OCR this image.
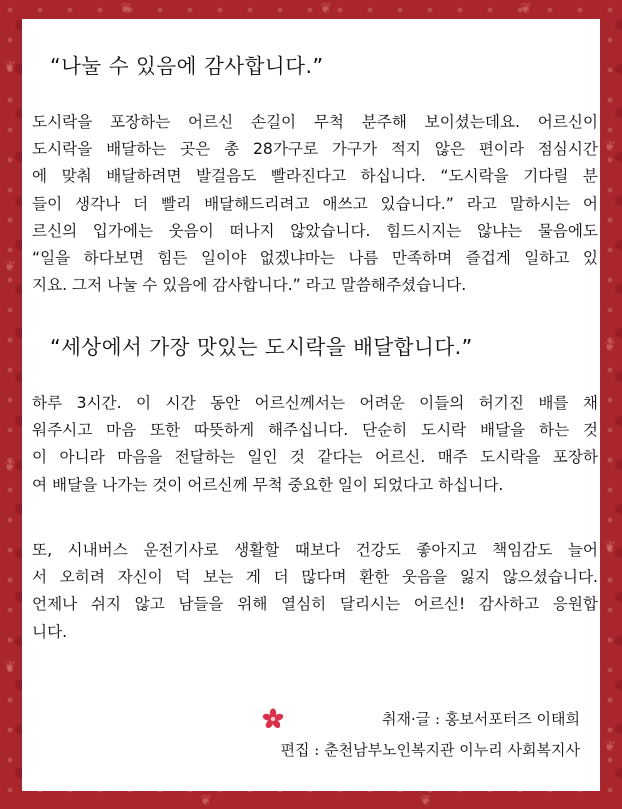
❦
❦
❦
❦
❦
❦
❦
❦
❦	❦	❦
❦	❦
“나눌 수 있음에 감사합니다.”
도시락을 포장하는 어르신 손길이 무척 분주해 보이셨는데요. 어르신이
도시락을 배달하는 곳은 총 28가구로 가구가 적지 않은 편이라 점심시간
에 맞춰 배달하려면 발걸음도 빨라진다고 하십니다. “도시락을 기다릴 분
들이 생각나 더 빨리 배달해드리려고 애쓰고 있습니다.” 라고 말하시는 어
르신의 입가에는 웃음이 떠나지 않았습니다. 힘드시지는 않냐는 물음에도
“일을 하다보면 힘든 일이야 없겠냐마는 나름 만족하며 즐겁게 일하고 있
지요. 그저 나눌 수 있음에 감사합니다.” 라고 말씀해주셨습니다.
“세상에서 가장 맛있는 도시락을 배달합니다.”
하루 3시간. 이 시간 동안 어르신께서는 어려운 이들의 허기진 배를 채
워주시고 마음 또한 따뜻하게 해주십니다. 단순히 도시락 배달을 하는 것
이 아니라 마음을 전달하는 일인 것 같다는 어르신. 매주 도시락을 포장하
여 배달을 나가는 것이 어르신께 무척 중요한 일이 되었다고 하십니다.
또, 시내버스 운전기사로 생활할 때보다 건강도 좋아지고 책임감도 늘어
서 오히려 자신이 덕 보는 게 더 많다며 환한 웃음을 잃지 않으셨습니다.
언제나 쉬지 않고 남들을 위해 열심히 달리시는 어르신! 감사하고 응원합
니다.
취재·글 : 홍보서포터즈 이태희
편집 : 춘천남부노인복지관 이누리 사회복지사
